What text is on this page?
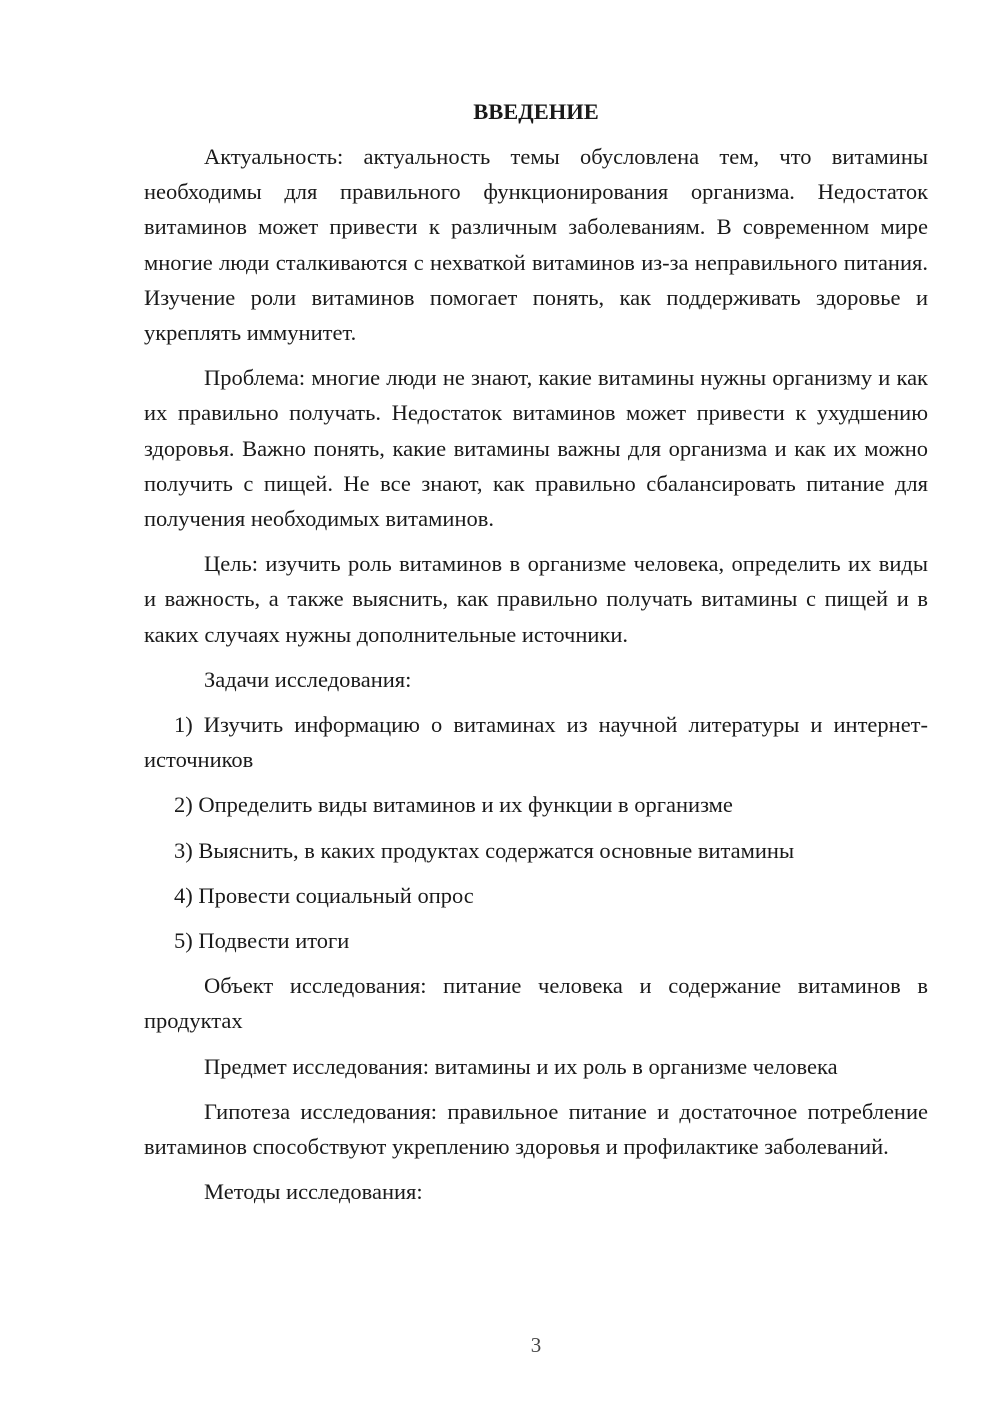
ВВЕДЕНИЕ

Актуальность: актуальность темы обусловлена тем, что витамины необходимы для правильного функционирования организма. Недостаток витаминов может привести к различным заболеваниям. В современном мире многие люди сталкиваются с нехваткой витаминов из-за неправильного питания. Изучение роли витаминов помогает понять, как поддерживать здоровье и укреплять иммунитет.

Проблема: многие люди не знают, какие витамины нужны организму и как их правильно получать. Недостаток витаминов может привести к ухудшению здоровья. Важно понять, какие витамины важны для организма и как их можно получить с пищей. Не все знают, как правильно сбалансировать питание для получения необходимых витаминов.

Цель: изучить роль витаминов в организме человека, определить их виды и важность, а также выяснить, как правильно получать витамины с пищей и в каких случаях нужны дополнительные источники.

Задачи исследования:

1) Изучить информацию о витаминах из научной литературы и интернет-источников

2) Определить виды витаминов и их функции в организме

3) Выяснить, в каких продуктах содержатся основные витамины

4) Провести социальный опрос

5) Подвести итоги

Объект исследования: питание человека и содержание витаминов в продуктах

Предмет исследования: витамины и их роль в организме человека

Гипотеза исследования: правильное питание и достаточное потребление витаминов способствуют укреплению здоровья и профилактике заболеваний.

Методы исследования:

3
